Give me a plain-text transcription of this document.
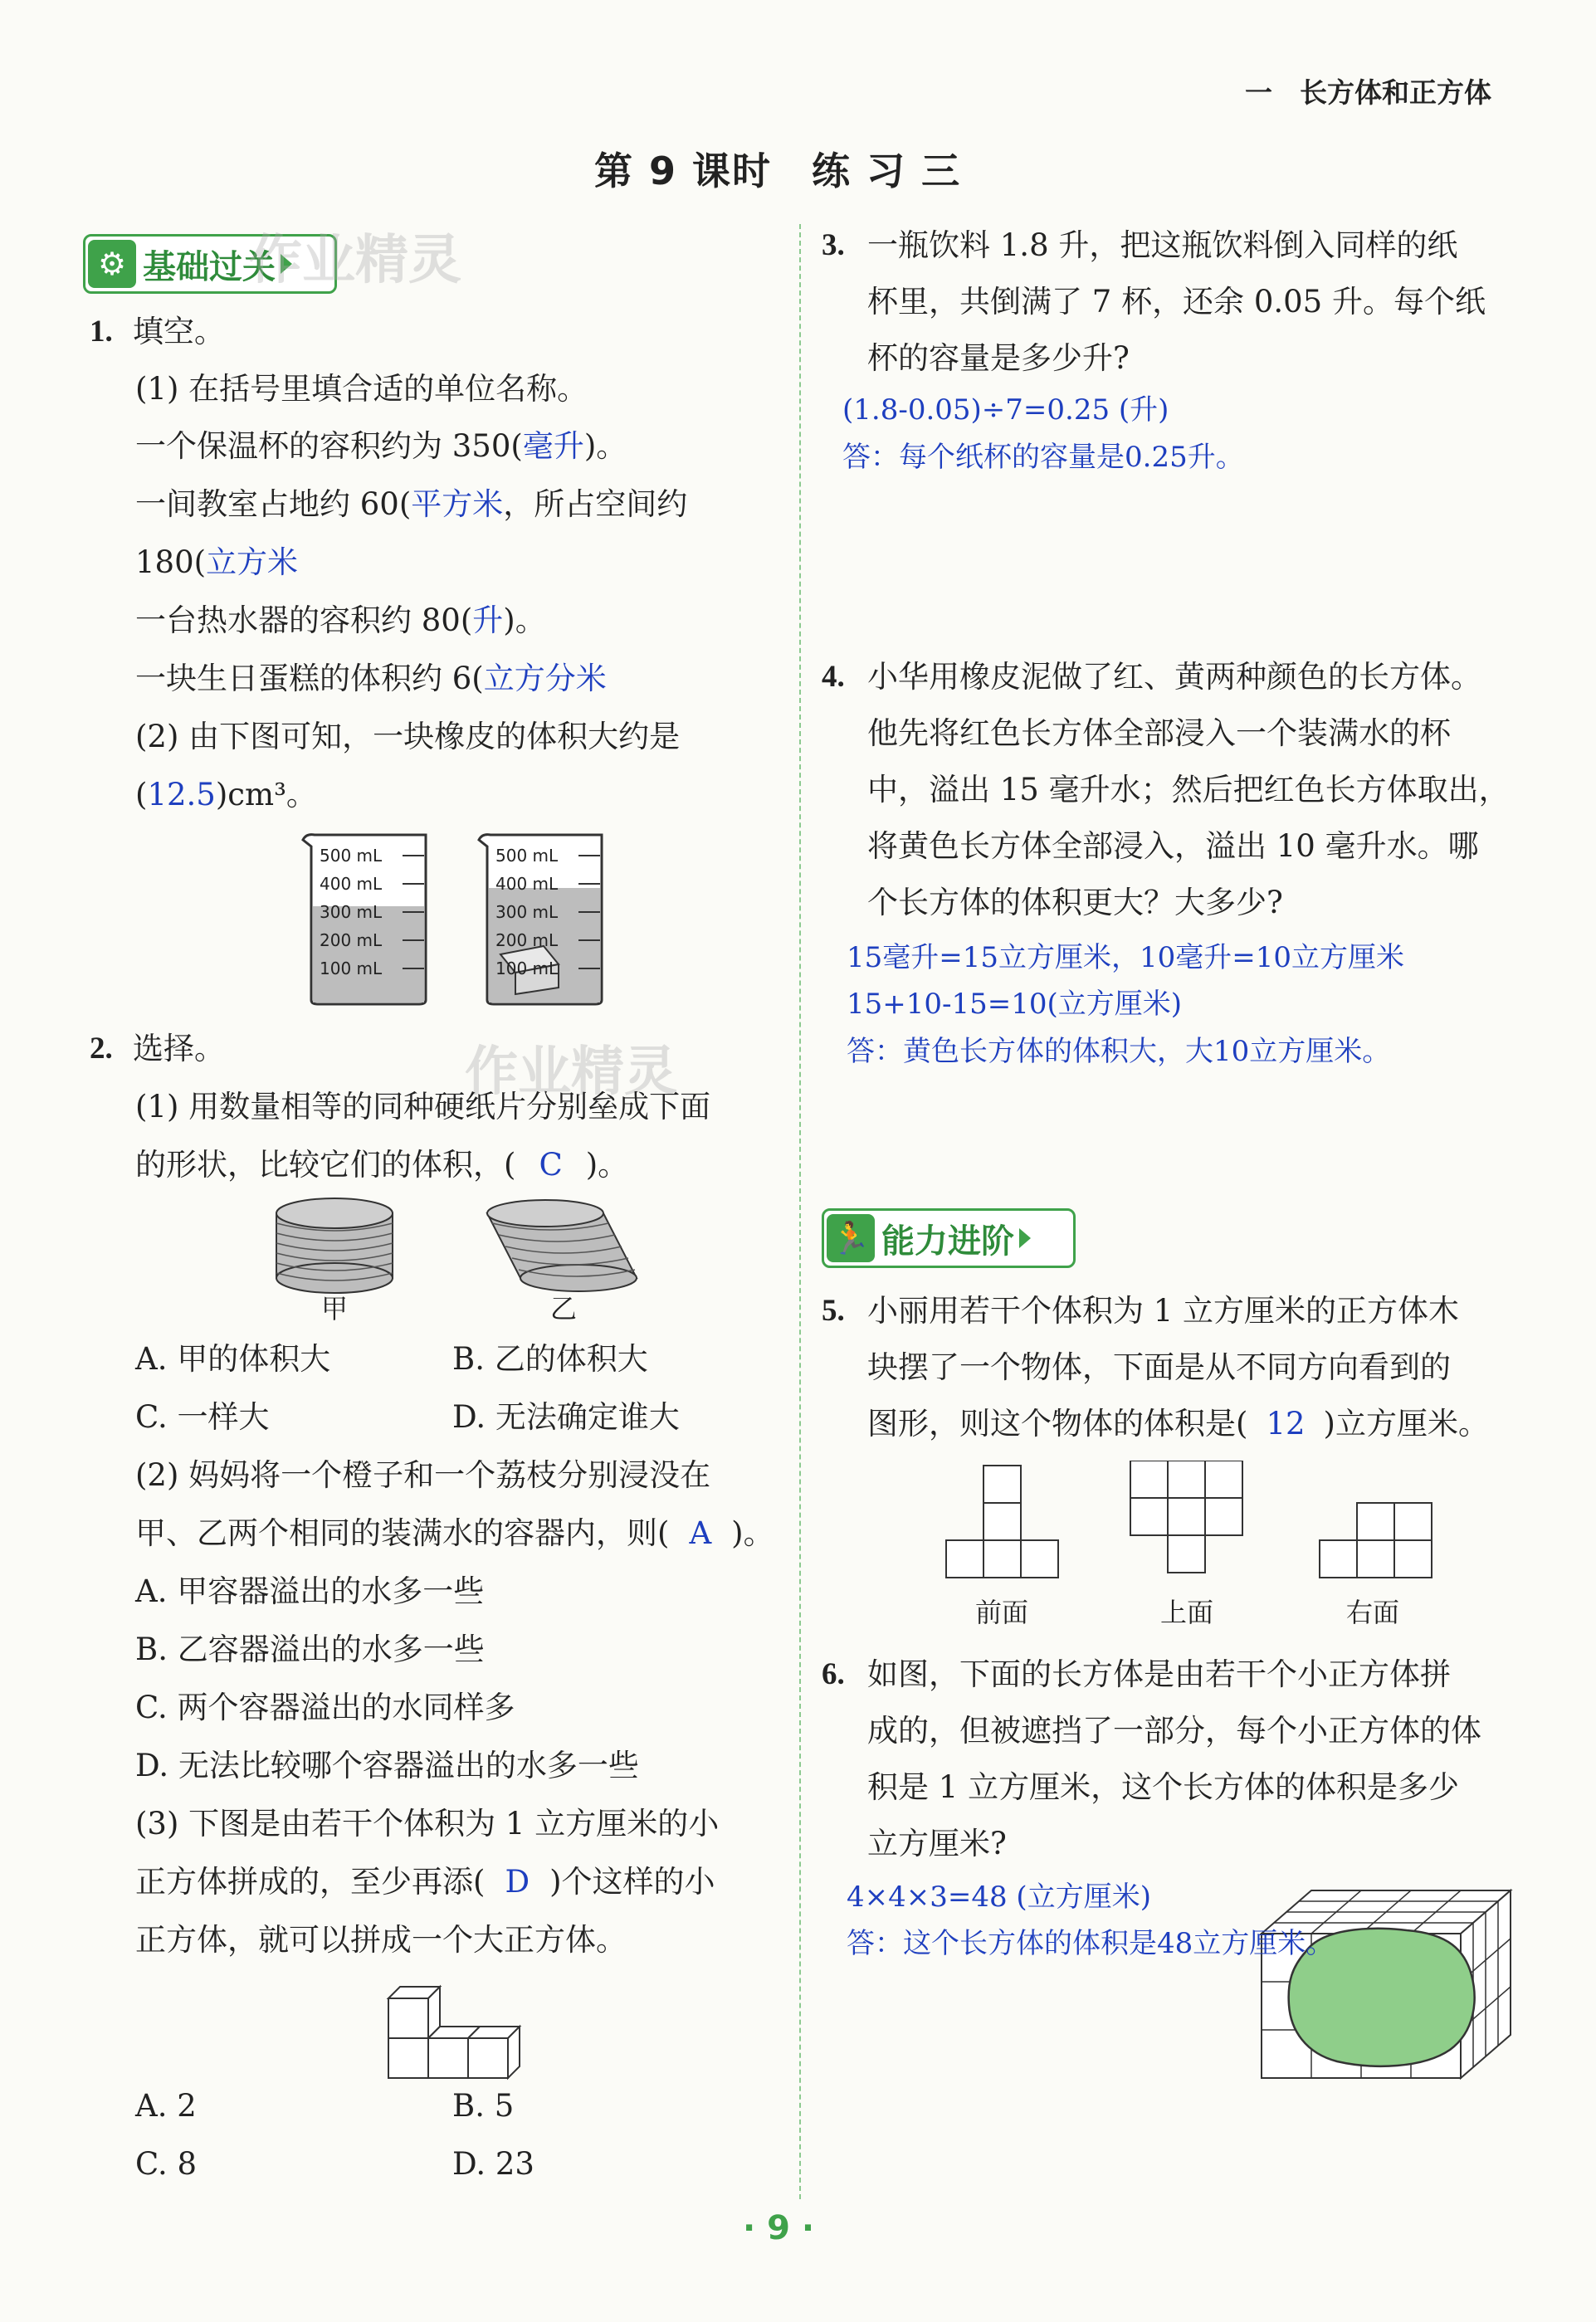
一　长方体和正方体
第 9 课时　练 习 三
⚙ 基础过关
作业精灵
作业精灵
1. 填空。
(1) 在括号里填合适的单位名称。
一个保温杯的容积约为 350(毫升)。
一间教室占地约 60(平方米，所占空间约
180(立方米
一台热水器的容积约 80(升)。
一块生日蛋糕的体积约 6(立方分米
(2) 由下图可知，一块橡皮的体积大约是
(12.5)cm³。
500 mL
400 mL
300 mL
200 mL
100 mL
500 mL
400 mL
300 mL
200 mL
100 mL
2. 选择。
(1) 用数量相等的同种硬纸片分别垒成下面
的形状，比较它们的体积，( C )。
甲	乙
A. 甲的体积大	B. 乙的体积大
C. 一样大	D. 无法确定谁大
(2) 妈妈将一个橙子和一个荔枝分别浸没在
甲、乙两个相同的装满水的容器内，则( A )。
A. 甲容器溢出的水多一些
B. 乙容器溢出的水多一些
C. 两个容器溢出的水同样多
D. 无法比较哪个容器溢出的水多一些
(3) 下图是由若干个体积为 1 立方厘米的小
正方体拼成的，至少再添( D )个这样的小
正方体，就可以拼成一个大正方体。
A. 2	B. 5
C. 8	D. 23
3. 一瓶饮料 1.8 升，把这瓶饮料倒入同样的纸
杯里，共倒满了 7 杯，还余 0.05 升。每个纸
杯的容量是多少升?
(1.8-0.05)÷7=0.25 (升)
答：每个纸杯的容量是0.25升。
4. 小华用橡皮泥做了红、黄两种颜色的长方体。
他先将红色长方体全部浸入一个装满水的杯
中，溢出 15 毫升水；然后把红色长方体取出，
将黄色长方体全部浸入，溢出 10 毫升水。哪
个长方体的体积更大？大多少?
15毫升=15立方厘米，10毫升=10立方厘米
15+10-15=10(立方厘米)
答：黄色长方体的体积大，大10立方厘米。
🏃 能力进阶
5. 小丽用若干个体积为 1 立方厘米的正方体木
块摆了一个物体，下面是从不同方向看到的
图形，则这个物体的体积是( 12 )立方厘米。
前面	上面	右面
6. 如图，下面的长方体是由若干个小正方体拼
成的，但被遮挡了一部分，每个小正方体的体
积是 1 立方厘米，这个长方体的体积是多少
立方厘米?
4×4×3=48 (立方厘米)
答：这个长方体的体积是48立方厘米。
· 9 ·
